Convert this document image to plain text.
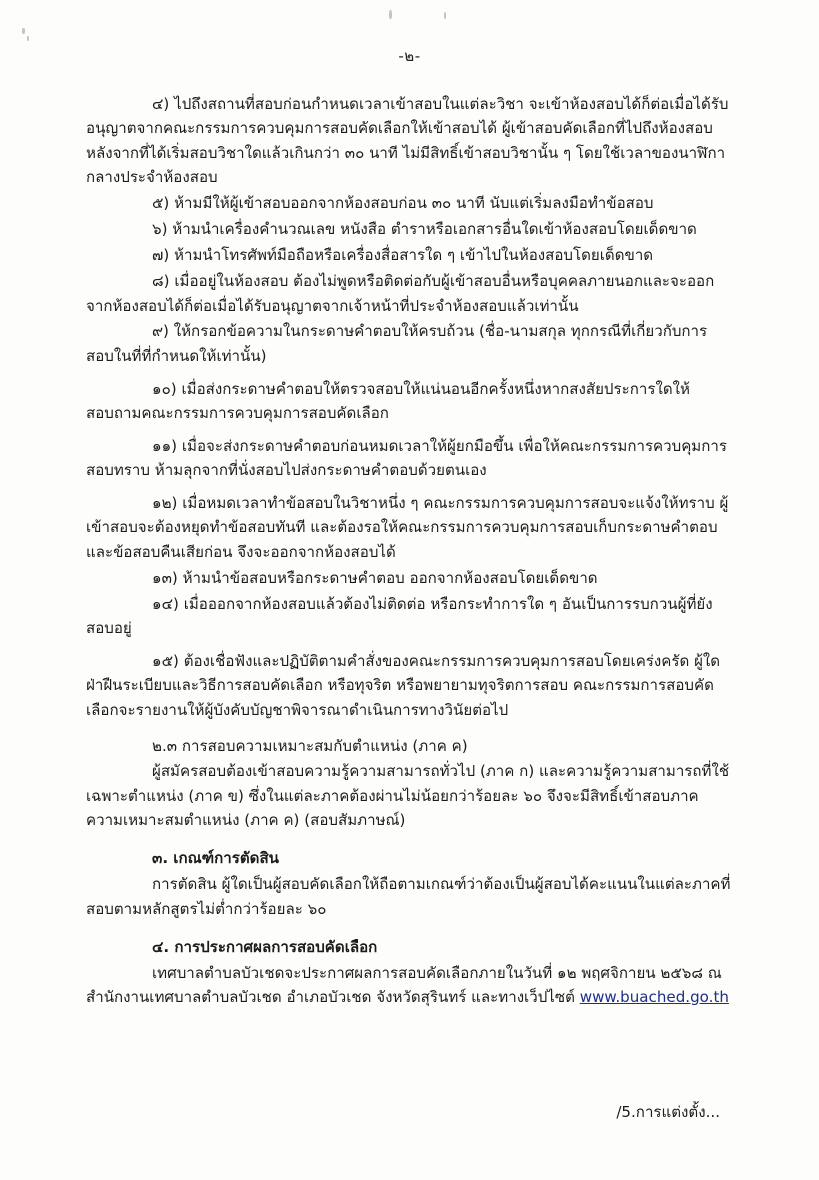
-๒-

๔) ไปถึงสถานที่สอบก่อนกำหนดเวลาเข้าสอบในแต่ละวิชา จะเข้าห้องสอบได้ก็ต่อเมื่อได้รับอนุญาตจากคณะกรรมการควบคุมการสอบคัดเลือกให้เข้าสอบได้ ผู้เข้าสอบคัดเลือกที่ไปถึงห้องสอบหลังจากที่ได้เริ่มสอบวิชาใดแล้วเกินกว่า ๓๐ นาที ไม่มีสิทธิ์เข้าสอบวิชานั้น ๆ โดยใช้เวลาของนาฬิกากลางประจำห้องสอบ

๕) ห้ามมีให้ผู้เข้าสอบออกจากห้องสอบก่อน ๓๐ นาที นับแต่เริ่มลงมือทำข้อสอบ

๖) ห้ามนำเครื่องคำนวณเลข หนังสือ ตำราหรือเอกสารอื่นใดเข้าห้องสอบโดยเด็ดขาด

๗) ห้ามนำโทรศัพท์มือถือหรือเครื่องสื่อสารใด ๆ เข้าไปในห้องสอบโดยเด็ดขาด

๘) เมื่ออยู่ในห้องสอบ ต้องไม่พูดหรือติดต่อกับผู้เข้าสอบอื่นหรือบุคคลภายนอกและจะออกจากห้องสอบได้ก็ต่อเมื่อได้รับอนุญาตจากเจ้าหน้าที่ประจำห้องสอบแล้วเท่านั้น

๙) ให้กรอกข้อความในกระดาษคำตอบให้ครบถ้วน (ชื่อ-นามสกุล ทุกกรณีที่เกี่ยวกับการสอบในที่ที่กำหนดให้เท่านั้น)

๑๐) เมื่อส่งกระดาษคำตอบให้ตรวจสอบให้แน่นอนอีกครั้งหนึ่งหากสงสัยประการใดให้สอบถามคณะกรรมการควบคุมการสอบคัดเลือก

๑๑) เมื่อจะส่งกระดาษคำตอบก่อนหมดเวลาให้ผู้ยกมือขึ้น เพื่อให้คณะกรรมการควบคุมการสอบทราบ ห้ามลุกจากที่นั่งสอบไปส่งกระดาษคำตอบด้วยตนเอง

๑๒) เมื่อหมดเวลาทำข้อสอบในวิชาหนึ่ง ๆ คณะกรรมการควบคุมการสอบจะแจ้งให้ทราบ ผู้เข้าสอบจะต้องหยุดทำข้อสอบทันที และต้องรอให้คณะกรรมการควบคุมการสอบเก็บกระดาษคำตอบและข้อสอบคืนเสียก่อน จึงจะออกจากห้องสอบได้

๑๓) ห้ามนำข้อสอบหรือกระดาษคำตอบ ออกจากห้องสอบโดยเด็ดขาด

๑๔) เมื่อออกจากห้องสอบแล้วต้องไม่ติดต่อ หรือกระทำการใด ๆ อันเป็นการรบกวนผู้ที่ยังสอบอยู่

๑๕) ต้องเชื่อฟังและปฏิบัติตามคำสั่งของคณะกรรมการควบคุมการสอบโดยเคร่งครัด ผู้ใดฝ่าฝืนระเบียบและวิธีการสอบคัดเลือก หรือทุจริต หรือพยายามทุจริตการสอบ คณะกรรมการสอบคัดเลือกจะรายงานให้ผู้บังคับบัญชาพิจารณาดำเนินการทางวินัยต่อไป

๒.๓ การสอบความเหมาะสมกับตำแหน่ง (ภาค ค)

ผู้สมัครสอบต้องเข้าสอบความรู้ความสามารถทั่วไป (ภาค ก) และความรู้ความสามารถที่ใช้เฉพาะตำแหน่ง (ภาค ข) ซึ่งในแต่ละภาคต้องผ่านไม่น้อยกว่าร้อยละ ๖๐ จึงจะมีสิทธิ์เข้าสอบภาคความเหมาะสมตำแหน่ง (ภาค ค) (สอบสัมภาษณ์)

๓. เกณฑ์การตัดสิน

การตัดสิน ผู้ใดเป็นผู้สอบคัดเลือกให้ถือตามเกณฑ์ว่าต้องเป็นผู้สอบได้คะแนนในแต่ละภาคที่สอบตามหลักสูตรไม่ต่ำกว่าร้อยละ ๖๐

๔. การประกาศผลการสอบคัดเลือก

เทศบาลตำบลบัวเชดจะประกาศผลการสอบคัดเลือกภายในวันที่ ๑๒ พฤศจิกายน ๒๕๖๘ ณ สำนักงานเทศบาลตำบลบัวเชด อำเภอบัวเชด จังหวัดสุรินทร์ และทางเว็ปไซต์ www.buached.go.th

/5.การแต่งตั้ง...
